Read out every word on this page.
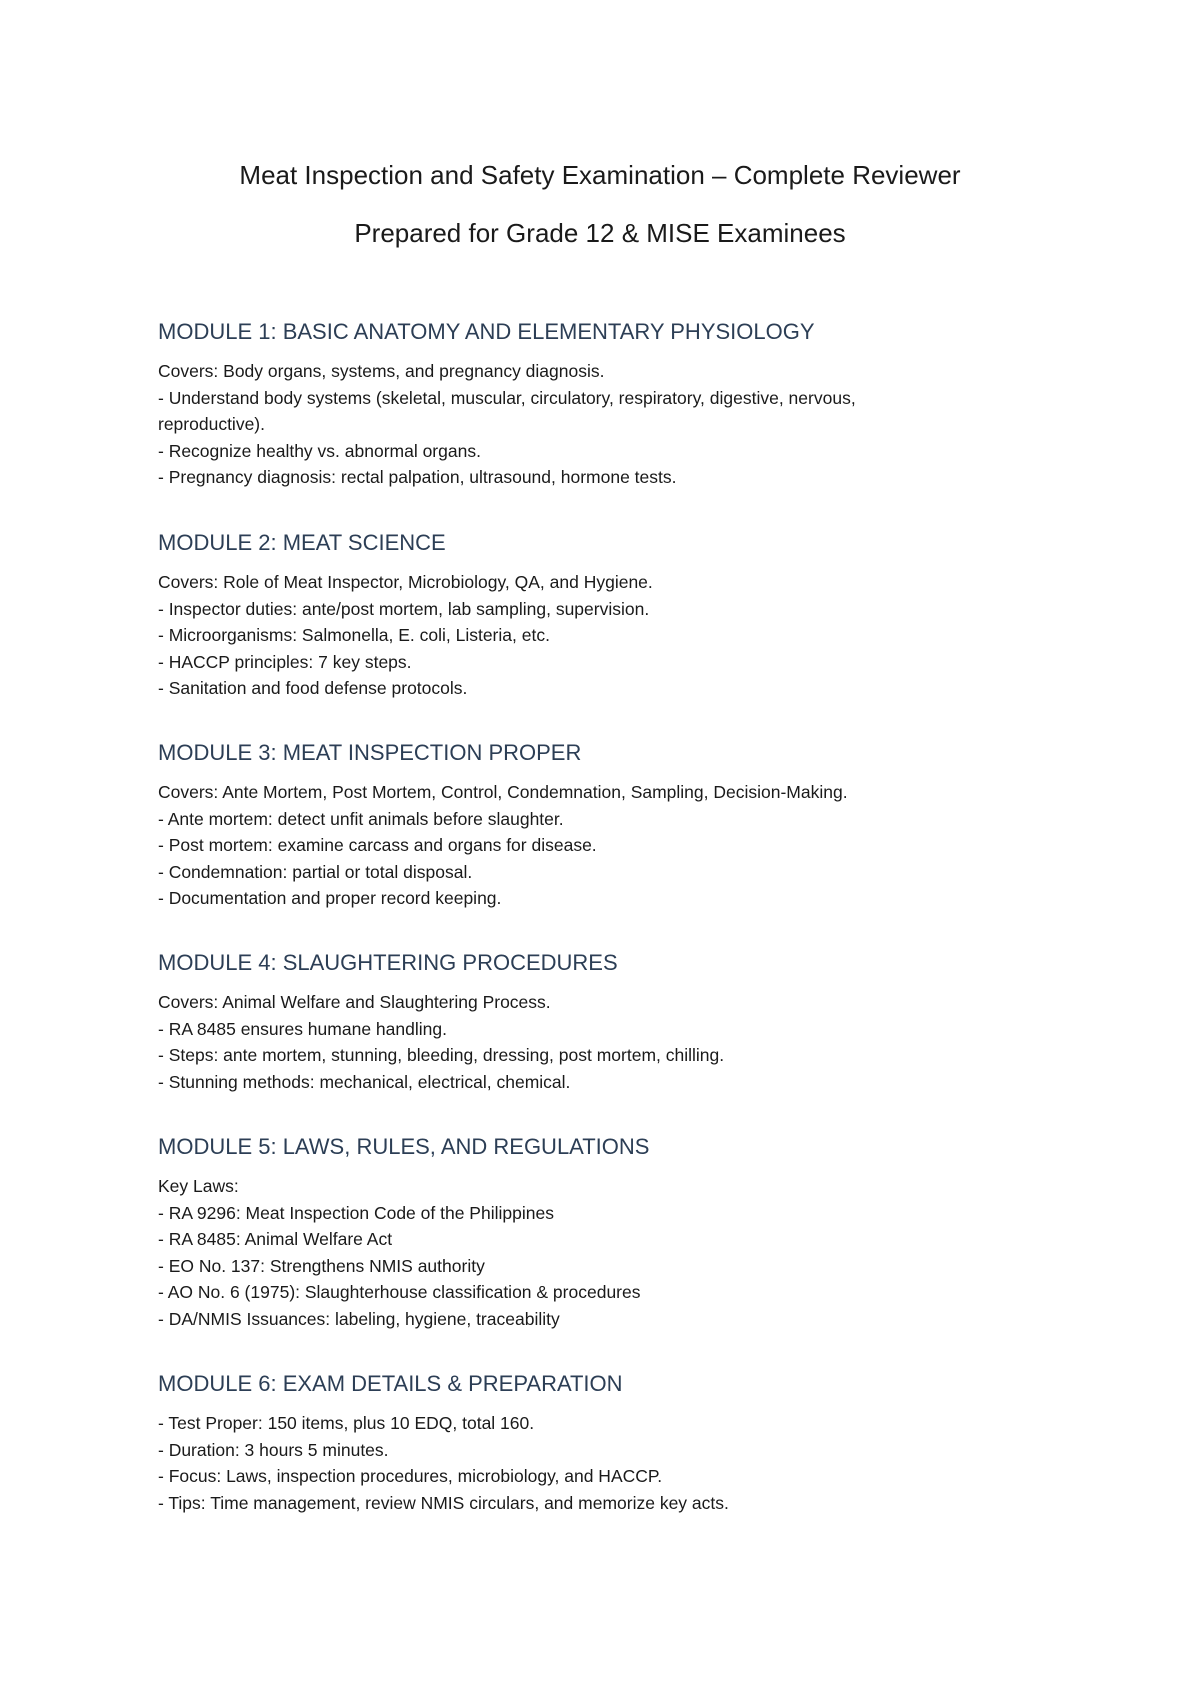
Meat Inspection and Safety Examination – Complete Reviewer
Prepared for Grade 12 & MISE Examinees
MODULE 1: BASIC ANATOMY AND ELEMENTARY PHYSIOLOGY
Covers: Body organs, systems, and pregnancy diagnosis.
- Understand body systems (skeletal, muscular, circulatory, respiratory, digestive, nervous,
reproductive).
- Recognize healthy vs. abnormal organs.
- Pregnancy diagnosis: rectal palpation, ultrasound, hormone tests.
MODULE 2: MEAT SCIENCE
Covers: Role of Meat Inspector, Microbiology, QA, and Hygiene.
- Inspector duties: ante/post mortem, lab sampling, supervision.
- Microorganisms: Salmonella, E. coli, Listeria, etc.
- HACCP principles: 7 key steps.
- Sanitation and food defense protocols.
MODULE 3: MEAT INSPECTION PROPER
Covers: Ante Mortem, Post Mortem, Control, Condemnation, Sampling, Decision-Making.
- Ante mortem: detect unfit animals before slaughter.
- Post mortem: examine carcass and organs for disease.
- Condemnation: partial or total disposal.
- Documentation and proper record keeping.
MODULE 4: SLAUGHTERING PROCEDURES
Covers: Animal Welfare and Slaughtering Process.
- RA 8485 ensures humane handling.
- Steps: ante mortem, stunning, bleeding, dressing, post mortem, chilling.
- Stunning methods: mechanical, electrical, chemical.
MODULE 5: LAWS, RULES, AND REGULATIONS
Key Laws:
- RA 9296: Meat Inspection Code of the Philippines
- RA 8485: Animal Welfare Act
- EO No. 137: Strengthens NMIS authority
- AO No. 6 (1975): Slaughterhouse classification & procedures
- DA/NMIS Issuances: labeling, hygiene, traceability
MODULE 6: EXAM DETAILS & PREPARATION
- Test Proper: 150 items, plus 10 EDQ, total 160.
- Duration: 3 hours 5 minutes.
- Focus: Laws, inspection procedures, microbiology, and HACCP.
- Tips: Time management, review NMIS circulars, and memorize key acts.
